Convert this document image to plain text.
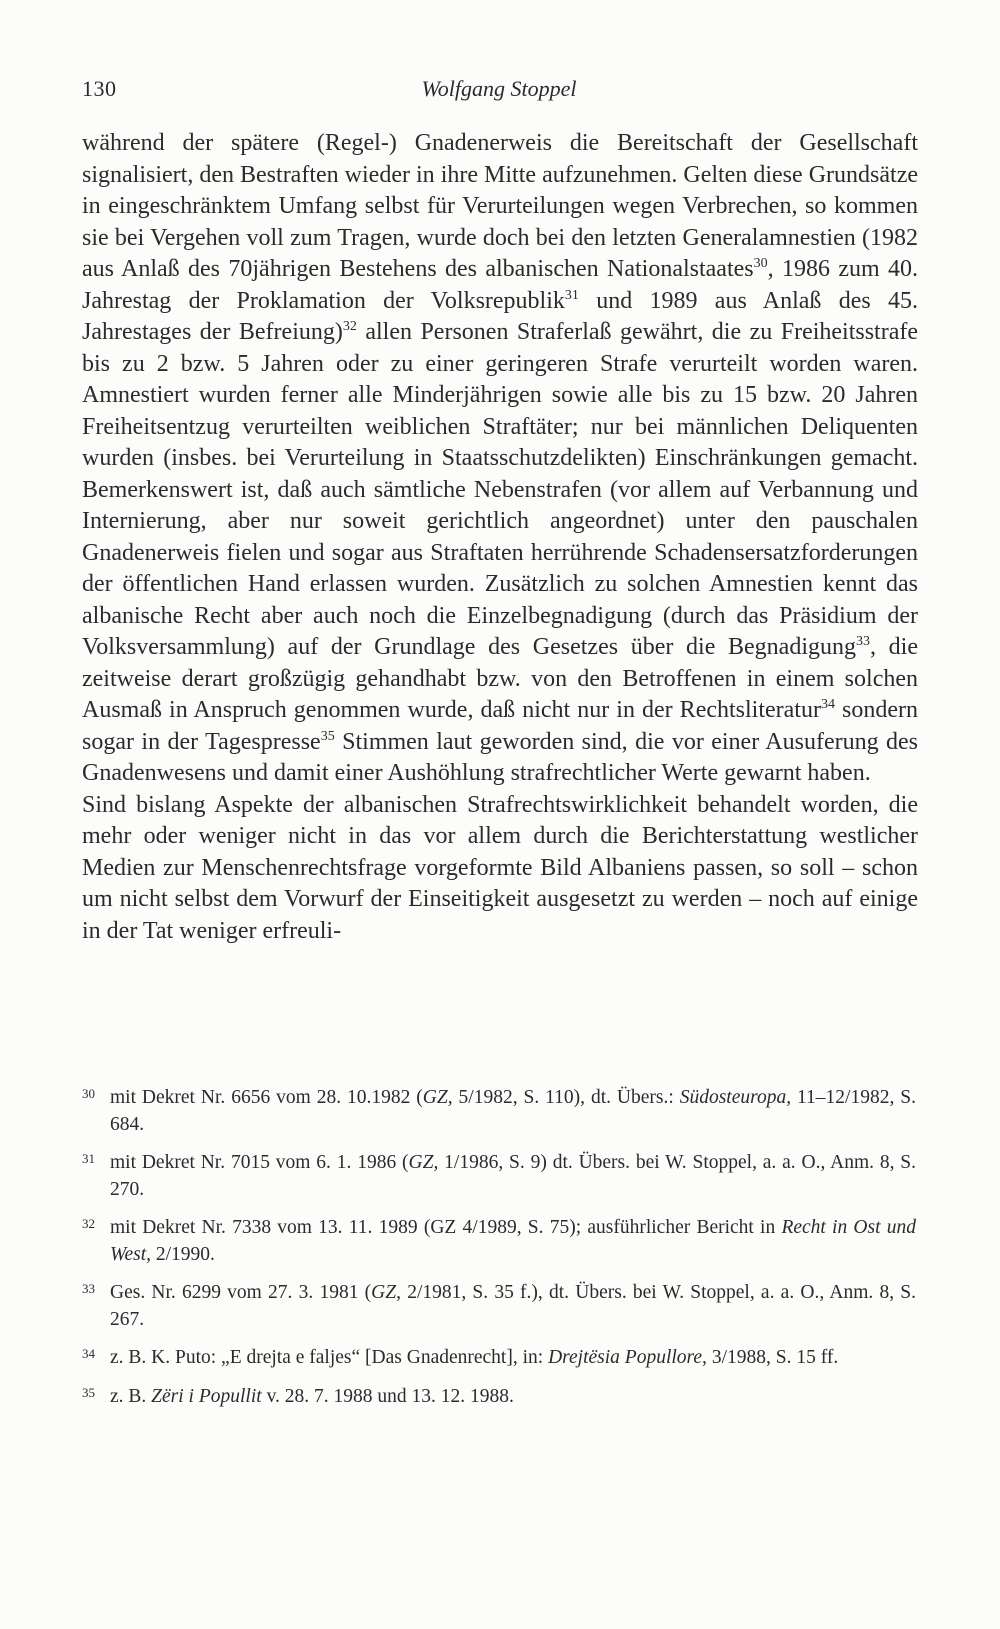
130	Wolfgang Stoppel

während der spätere (Regel-) Gnadenerweis die Bereitschaft der Gesellschaft signalisiert, den Bestraften wieder in ihre Mitte aufzunehmen. Gelten diese Grundsätze in eingeschränktem Umfang selbst für Verurteilungen wegen Verbrechen, so kommen sie bei Vergehen voll zum Tragen, wurde doch bei den letzten Generalamnestien (1982 aus Anlaß des 70jährigen Bestehens des albanischen Nationalstaates$^{30}$, 1986 zum 40. Jahrestag der Proklamation der Volksrepublik$^{31}$ und 1989 aus Anlaß des 45. Jahrestages der Befreiung)$^{32}$ allen Personen Straferlaß gewährt, die zu Freiheitsstrafe bis zu 2 bzw. 5 Jahren oder zu einer geringeren Strafe verurteilt worden waren. Amnestiert wurden ferner alle Minderjährigen sowie alle bis zu 15 bzw. 20 Jahren Freiheitsentzug verurteilten weiblichen Straftäter; nur bei männlichen Deliquenten wurden (insbes. bei Verurteilung in Staatsschutzdelikten) Einschränkungen gemacht. Bemerkenswert ist, daß auch sämtliche Nebenstrafen (vor allem auf Verbannung und Internierung, aber nur soweit gerichtlich angeordnet) unter den pauschalen Gnadenerweis fielen und sogar aus Straftaten herrührende Schadensersatzforderungen der öffentlichen Hand erlassen wurden. Zusätzlich zu solchen Amnestien kennt das albanische Recht aber auch noch die Einzelbegnadigung (durch das Präsidium der Volksversammlung) auf der Grundlage des Gesetzes über die Begnadigung$^{33}$, die zeitweise derart großzügig gehandhabt bzw. von den Betroffenen in einem solchen Ausmaß in Anspruch genommen wurde, daß nicht nur in der Rechtsliteratur$^{34}$ sondern sogar in der Tagespresse$^{35}$ Stimmen laut geworden sind, die vor einer Ausuferung des Gnadenwesens und damit einer Aushöhlung strafrechtlicher Werte gewarnt haben.

Sind bislang Aspekte der albanischen Strafrechtswirklichkeit behandelt worden, die mehr oder weniger nicht in das vor allem durch die Berichterstattung westlicher Medien zur Menschenrechtsfrage vorgeformte Bild Albaniens passen, so soll – schon um nicht selbst dem Vorwurf der Einseitigkeit ausgesetzt zu werden – noch auf einige in der Tat weniger erfreuli-

30 mit Dekret Nr. 6656 vom 28. 10.1982 (GZ, 5/1982, S. 110), dt. Übers.: Südosteuropa, 11–12/1982, S. 684.
31 mit Dekret Nr. 7015 vom 6. 1. 1986 (GZ, 1/1986, S. 9) dt. Übers. bei W. Stoppel, a. a. O., Anm. 8, S. 270.
32 mit Dekret Nr. 7338 vom 13. 11. 1989 (GZ 4/1989, S. 75); ausführlicher Bericht in Recht in Ost und West, 2/1990.
33 Ges. Nr. 6299 vom 27. 3. 1981 (GZ, 2/1981, S. 35 f.), dt. Übers. bei W. Stoppel, a. a. O., Anm. 8, S. 267.
34 z. B. K. Puto: „E drejta e faljes“ [Das Gnadenrecht], in: Drejtësia Popullore, 3/1988, S. 15 ff.
35 z. B. Zëri i Popullit v. 28. 7. 1988 und 13. 12. 1988.
